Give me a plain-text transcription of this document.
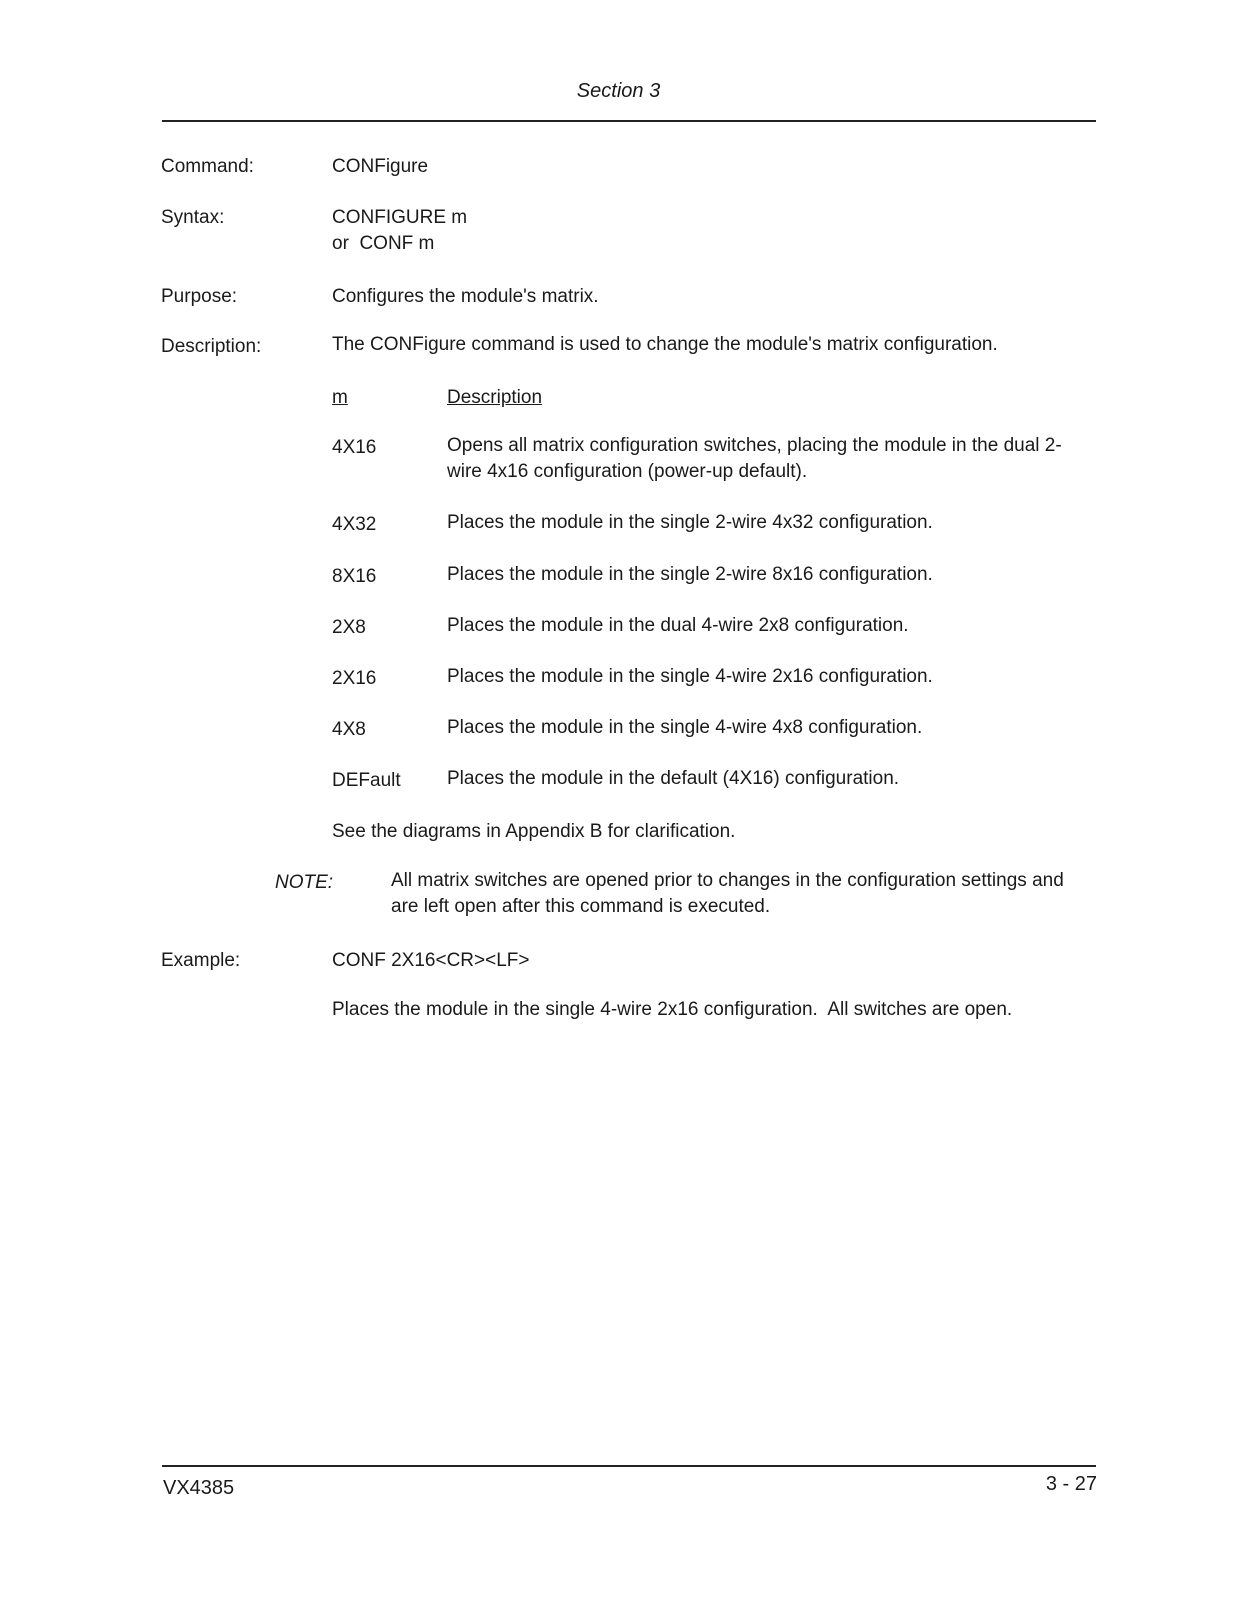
Section 3
Command:	CONFigure
Syntax:	CONFIGURE m
or  CONF m
Purpose:	Configures the module's matrix.
Description:	The CONFigure command is used to change the module's matrix configuration.
m	Description
4X16	Opens all matrix configuration switches, placing the module in the dual 2-wire 4x16 configuration (power-up default).
4X32	Places the module in the single 2-wire 4x32 configuration.
8X16	Places the module in the single 2-wire 8x16 configuration.
2X8	Places the module in the dual 4-wire 2x8 configuration.
2X16	Places the module in the single 4-wire 2x16 configuration.
4X8	Places the module in the single 4-wire 4x8 configuration.
DEFault Places the module in the default (4X16) configuration.
See the diagrams in Appendix B for clarification.
NOTE:	All matrix switches are opened prior to changes in the configuration settings and are left open after this command is executed.
Example:	CONF 2X16<CR><LF>
Places the module in the single 4-wire 2x16 configuration.  All switches are open.
VX4385	3 - 27
